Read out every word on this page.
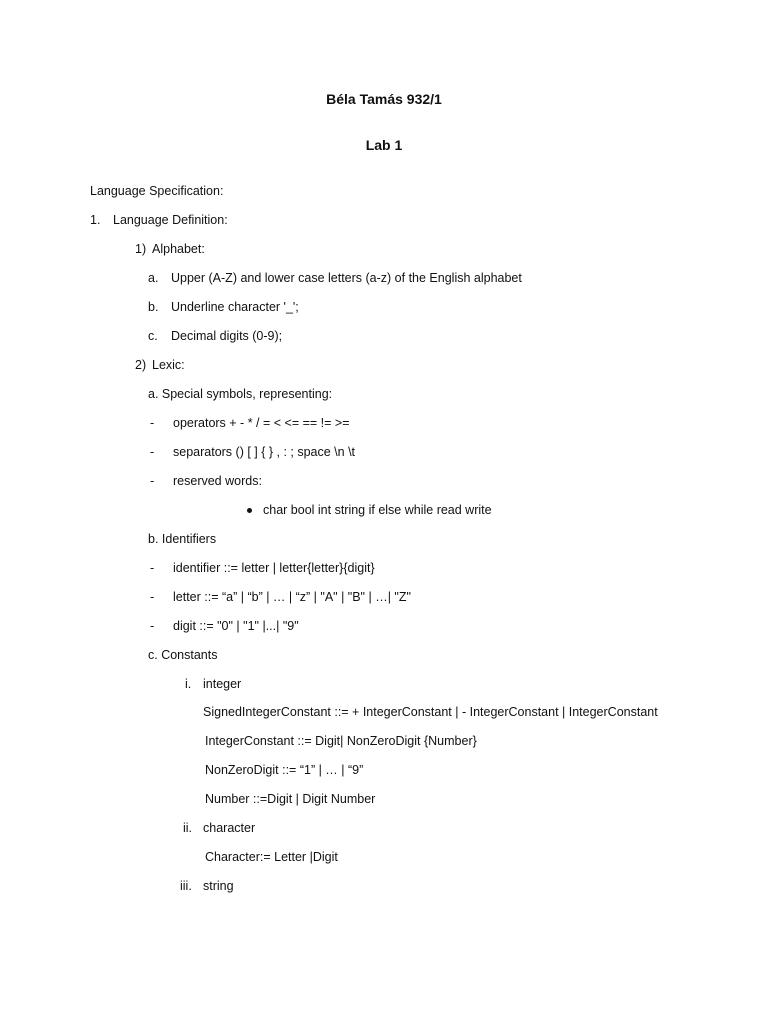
Béla Tamás 932/1
Lab 1
Language Specification:
1. Language Definition:
1) Alphabet:
a. Upper (A-Z) and lower case letters (a-z) of the English alphabet
b. Underline character '_';
c. Decimal digits (0-9);
2) Lexic:
a. Special symbols, representing:
- operators + - * / = < <= == != >=
- separators () [ ] { } , : ; space \n \t
- reserved words:
char bool int string if else while read write
b. Identifiers
- identifier ::= letter | letter{letter}{digit}
- letter ::= “a” | “b” | … | “z” | "A" | "B" | …| "Z"
- digit ::= "0" | "1" |...| "9"
c. Constants
i. integer
SignedIntegerConstant ::= + IntegerConstant | - IntegerConstant | IntegerConstant
IntegerConstant ::= Digit| NonZeroDigit {Number}
NonZeroDigit ::= “1” | … | “9”
Number ::=Digit | Digit Number
ii. character
Character:= Letter |Digit
iii. string
